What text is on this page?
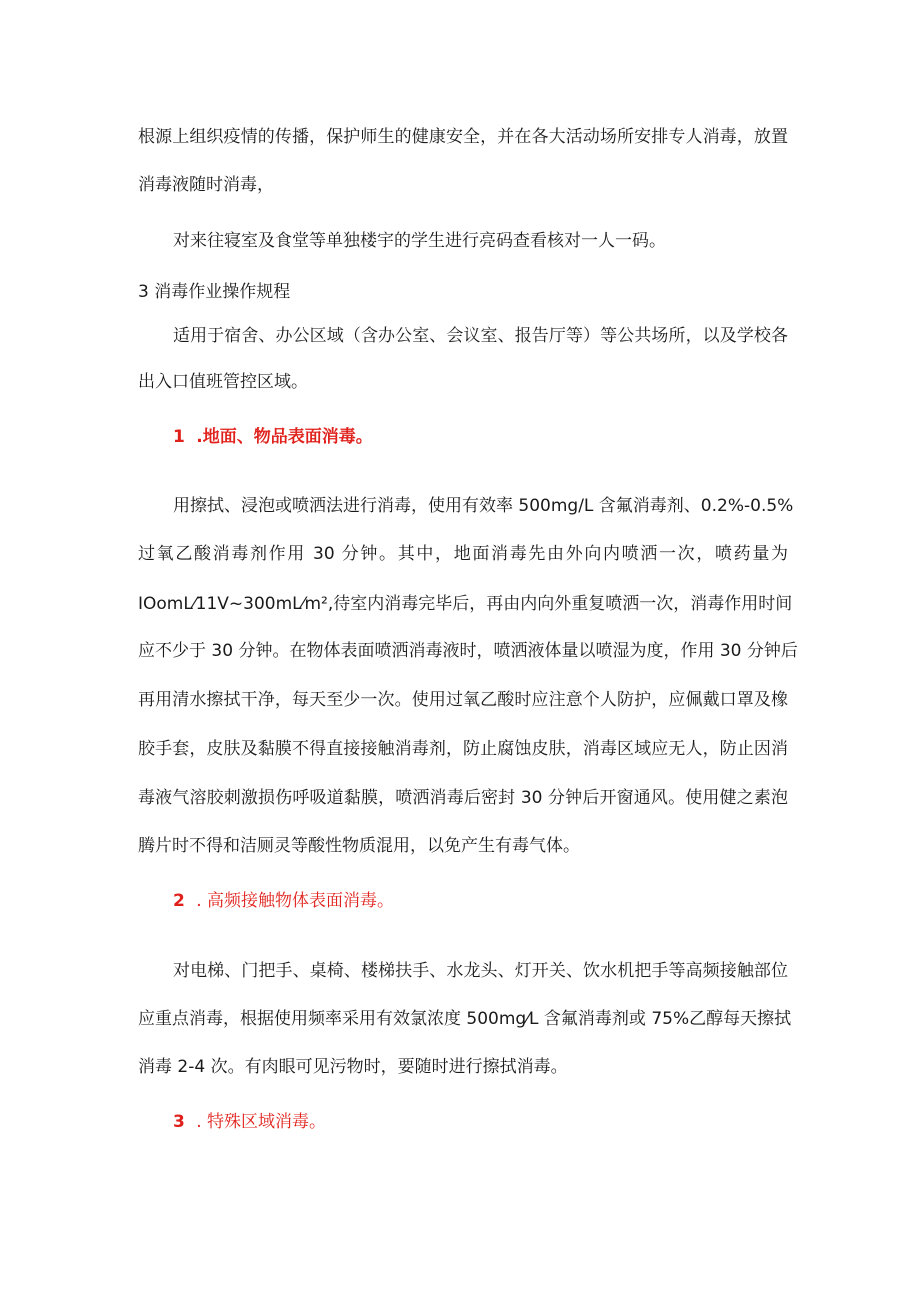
根源上组织疫情的传播，保护师生的健康安全，并在各大活动场所安排专人消毒，放置

消毒液随时消毒，

对来往寝室及食堂等单独楼宇的学生进行亮码查看核对一人一码。

3 消毒作业操作规程

适用于宿舍、办公区域（含办公室、会议室、报告厅等）等公共场所，以及学校各

出入口值班管控区域。

1 .地面、物品表面消毒。

用擦拭、浸泡或喷洒法进行消毒，使用有效率 500mg/L 含氟消毒剂、0.2%-0.5%

过氧乙酸消毒剂作用 30 分钟。其中，地面消毒先由外向内喷洒一次，喷药量为

IOomL⁄11V~300mL⁄m²,待室内消毒完毕后，再由内向外重复喷洒一次，消毒作用时间

应不少于 30 分钟。在物体表面喷洒消毒液时，喷洒液体量以喷湿为度，作用 30 分钟后

再用清水擦拭干净，每天至少一次。使用过氧乙酸时应注意个人防护，应佩戴口罩及橡

胶手套，皮肤及黏膜不得直接接触消毒剂，防止腐蚀皮肤，消毒区域应无人，防止因消

毒液气溶胶刺激损伤呼吸道黏膜，喷洒消毒后密封 30 分钟后开窗通风。使用健之素泡

腾片时不得和洁厕灵等酸性物质混用，以免产生有毒气体。

2 . 高频接触物体表面消毒。

对电梯、门把手、桌椅、楼梯扶手、水龙头、灯开关、饮水机把手等高频接触部位

应重点消毒，根据使用频率采用有效氯浓度 500mg⁄L 含氟消毒剂或 75%乙醇每天擦拭

消毒 2-4 次。有肉眼可见污物时，要随时进行擦拭消毒。

3 . 特殊区域消毒。
